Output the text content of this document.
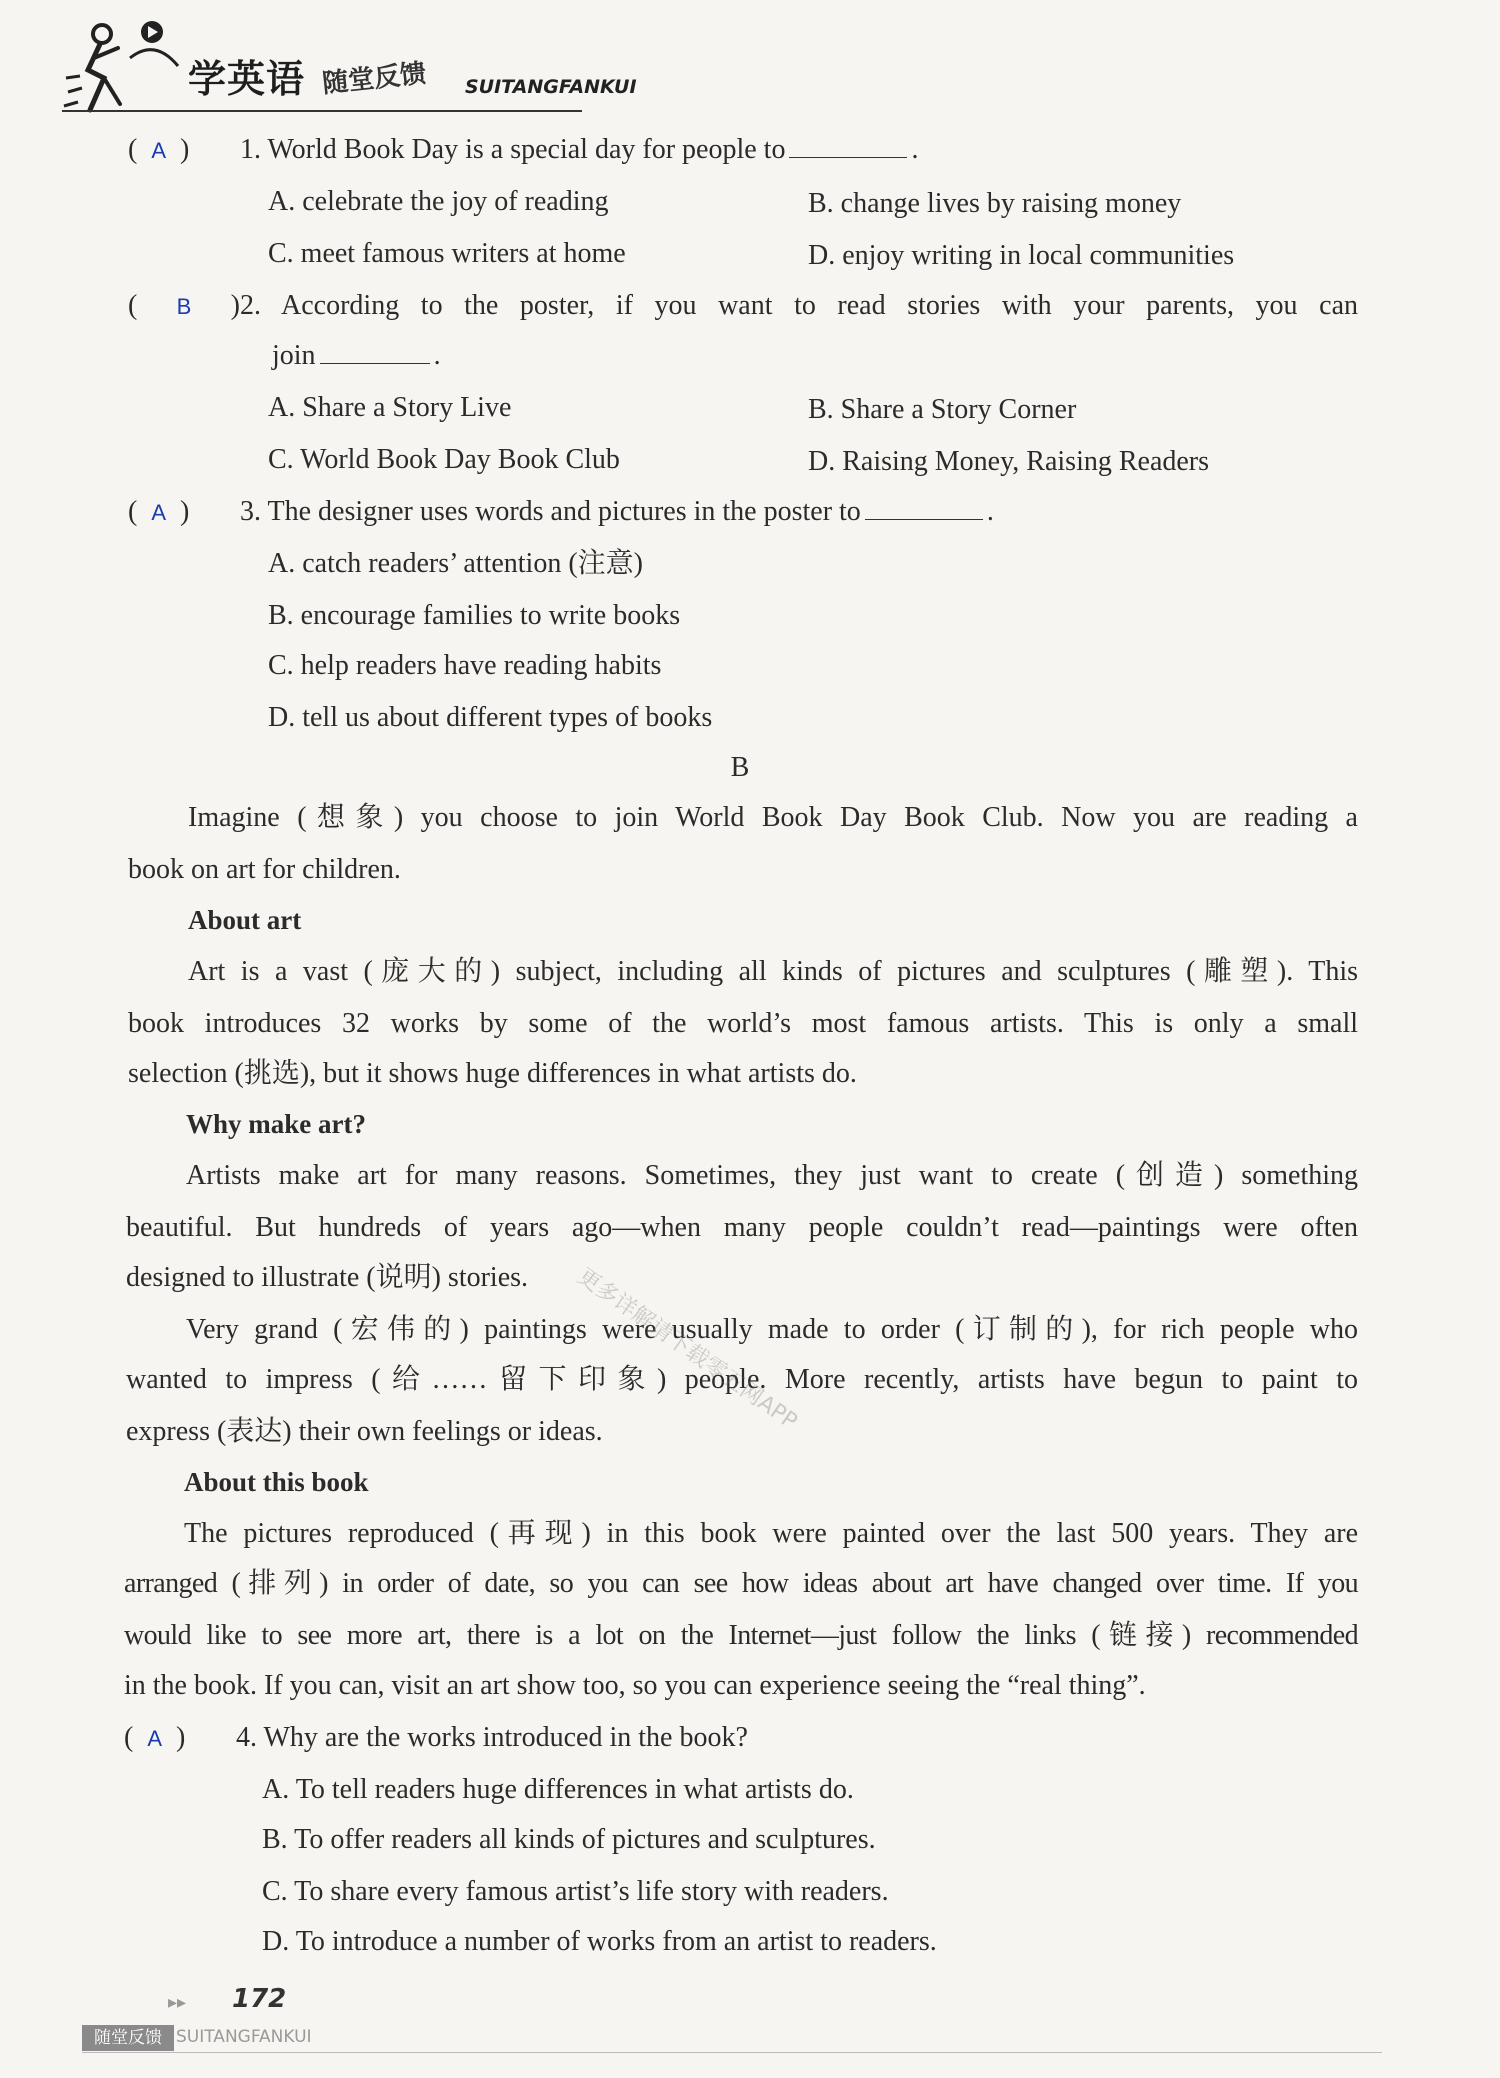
学英语 随堂反馈 SUITANGFANKUI
(  A  ) 1. World Book Day is a special day for people to	.
A. celebrate the joy of reading	B. change lives by raising money
C. meet famous writers at home	D. enjoy writing in local communities
(  B  )2. According to the poster, if you want to read stories with your parents, you can
join	.
A. Share a Story Live	B. Share a Story Corner
C. World Book Day Book Club	D. Raising Money, Raising Readers
(  A  ) 3. The designer uses words and pictures in the poster to	.
A. catch readers’ attention (注意)
B. encourage families to write books
C. help readers have reading habits
D. tell us about different types of books
B
Imagine (想象) you choose to join World Book Day Book Club. Now you are reading a
book on art for children.
About art
Art is a vast (庞大的) subject, including all kinds of pictures and sculptures (雕塑). This
book introduces 32 works by some of the world’s most famous artists. This is only a small
selection (挑选), but it shows huge differences in what artists do.
Why make art?
Artists make art for many reasons. Sometimes, they just want to create (创造) something
beautiful. But hundreds of years ago—when many people couldn’t read—paintings were often
designed to illustrate (说明) stories.
Very grand (宏伟的) paintings were usually made to order (订制的), for rich people who
wanted to impress (给……留下印象) people. More recently, artists have begun to paint to
express (表达) their own feelings or ideas.
About this book
The pictures reproduced (再现) in this book were painted over the last 500 years. They are
arranged (排列) in order of date, so you can see how ideas about art have changed over time. If you
would like to see more art, there is a lot on the Internet—just follow the links (链接) recommended
in the book. If you can, visit an art show too, so you can experience seeing the “real thing”.
(  A  ) 4. Why are the works introduced in the book?
A. To tell readers huge differences in what artists do.
B. To offer readers all kinds of pictures and sculptures.
C. To share every famous artist’s life story with readers.
D. To introduce a number of works from an artist to readers.
更多详解请下载零五网APP
▸▸ 172
随堂反馈 SUITANGFANKUI
